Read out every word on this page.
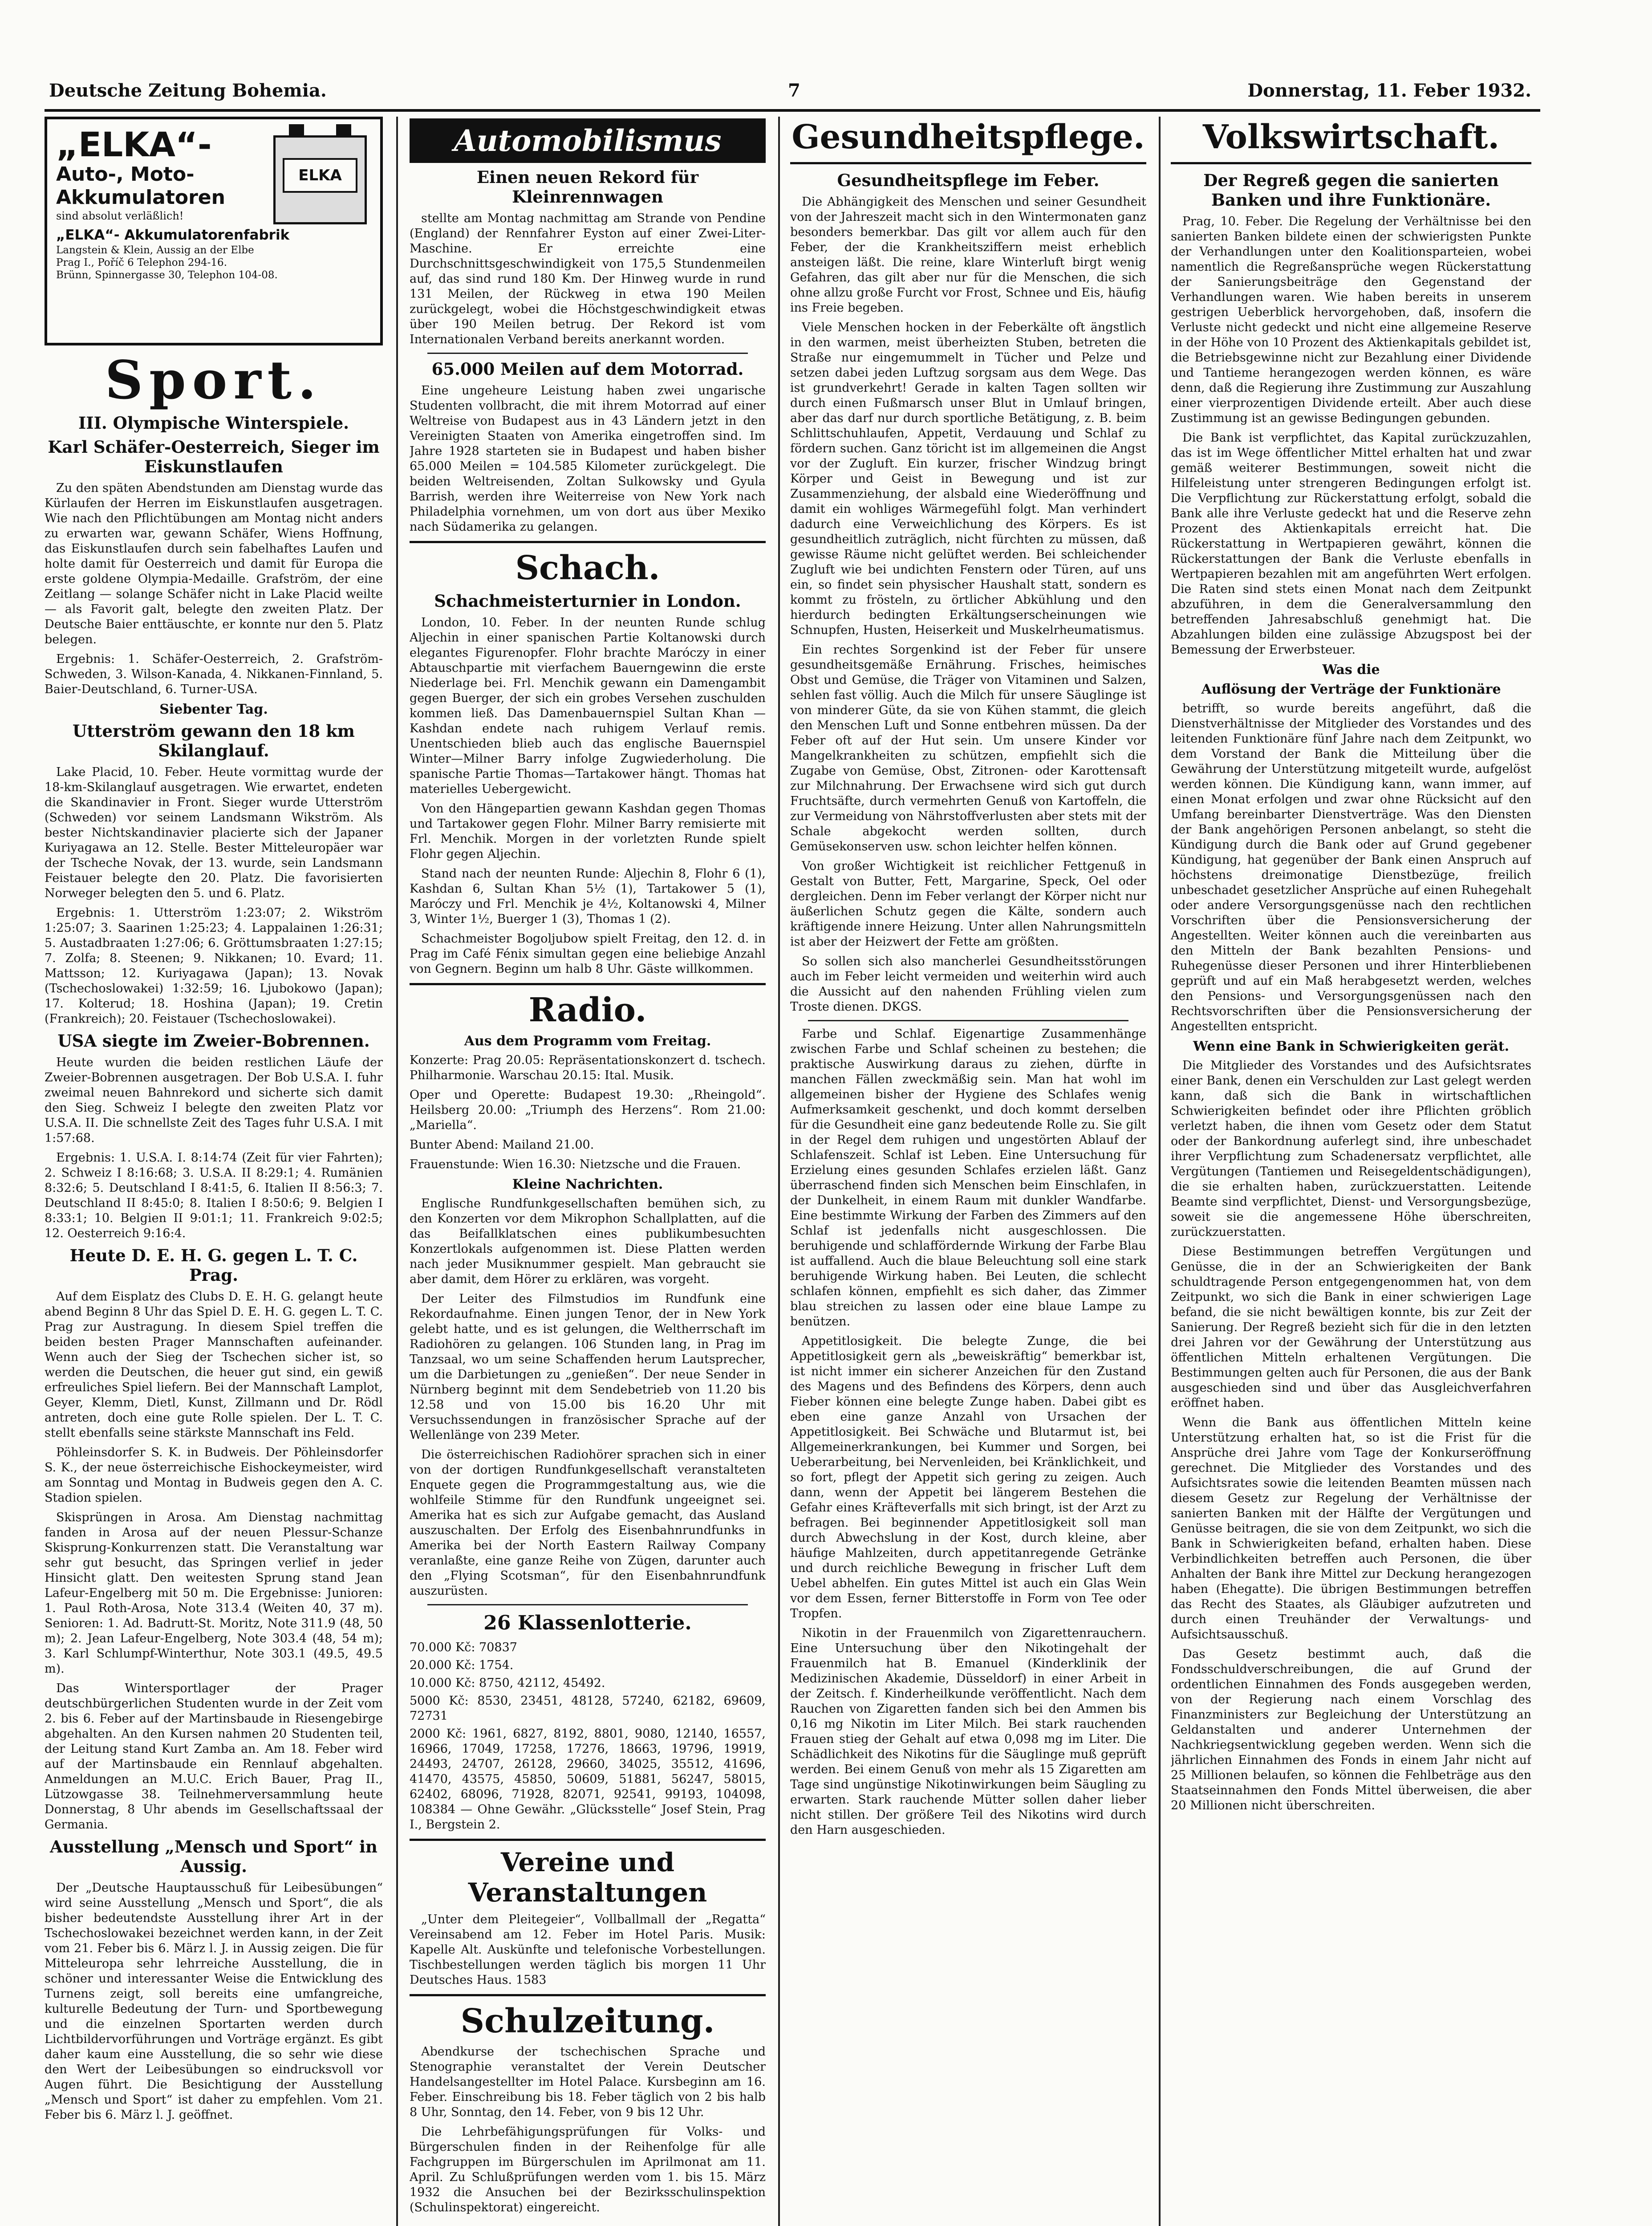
Deutsche Zeitung Bohemia.	7	Donnerstag, 11. Feber 1932.
„ELKA“-
Auto-, Moto-
Akkumulatoren
sind absolut verläßlich!
„ELKA“- Akkumulatorenfabrik
Langstein & Klein, Aussig an der Elbe
Prag I., Poříč 6 Telephon 294-16.
Brünn, Spinnergasse 30, Telephon 104-08.
ELKA
Sport.
III. Olympische Winterspiele.
Karl Schäfer-Oesterreich, Sieger im Eiskunstlaufen

Zu den späten Abendstunden am Dienstag wurde das Kürlaufen der Herren im Eiskunstlaufen ausgetragen. Wie nach den Pflichtübungen am Montag nicht anders zu erwarten war, gewann Schäfer, Wiens Hoffnung, das Eiskunstlaufen durch sein fabelhaftes Laufen und holte damit für Oesterreich und damit für Europa die erste goldene Olympia-Medaille. Grafström, der eine Zeitlang — solange Schäfer nicht in Lake Placid weilte — als Favorit galt, belegte den zweiten Platz. Der Deutsche Baier enttäuschte, er konnte nur den 5. Platz belegen.

Ergebnis: 1. Schäfer-Oesterreich, 2. Grafström-Schweden, 3. Wilson-Kanada, 4. Nikkanen-Finnland, 5. Baier-Deutschland, 6. Turner-USA.

Siebenter Tag.
Utterström gewann den 18 km Skilanglauf.

Lake Placid, 10. Feber. Heute vormittag wurde der 18-km-Skilanglauf ausgetragen. Wie erwartet, endeten die Skandinavier in Front. Sieger wurde Utterström (Schweden) vor seinem Landsmann Wikström. Als bester Nichtskandinavier placierte sich der Japaner Kuriyagawa an 12. Stelle. Bester Mitteleuropäer war der Tscheche Novak, der 13. wurde, sein Landsmann Feistauer belegte den 20. Platz. Die favorisierten Norweger belegten den 5. und 6. Platz.

Ergebnis: 1. Utterström 1:23:07; 2. Wikström 1:25:07; 3. Saarinen 1:25:23; 4. Lappalainen 1:26:31; 5. Austadbraaten 1:27:06; 6. Gröttumsbraaten 1:27:15; 7. Zolfa; 8. Steenen; 9. Nikkanen; 10. Evard; 11. Mattsson; 12. Kuriyagawa (Japan); 13. Novak (Tschechoslowakei) 1:32:59; 16. Ljubokowo (Japan); 17. Kolterud; 18. Hoshina (Japan); 19. Cretin (Frankreich); 20. Feistauer (Tschechoslowakei).

USA siegte im Zweier-Bobrennen.

Heute wurden die beiden restlichen Läufe der Zweier-Bobrennen ausgetragen. Der Bob U.S.A. I. fuhr zweimal neuen Bahnrekord und sicherte sich damit den Sieg. Schweiz I belegte den zweiten Platz vor U.S.A. II. Die schnellste Zeit des Tages fuhr U.S.A. I mit 1:57:68.

Ergebnis: 1. U.S.A. I. 8:14:74 (Zeit für vier Fahrten); 2. Schweiz I 8:16:68; 3. U.S.A. II 8:29:1; 4. Rumänien 8:32:6; 5. Deutschland I 8:41:5, 6. Italien II 8:56:3; 7. Deutschland II 8:45:0; 8. Italien I 8:50:6; 9. Belgien I 8:33:1; 10. Belgien II 9:01:1; 11. Frankreich 9:02:5; 12. Oesterreich 9:16:4.

Heute D. E. H. G. gegen L. T. C. Prag.

Auf dem Eisplatz des Clubs D. E. H. G. gelangt heute abend Beginn 8 Uhr das Spiel D. E. H. G. gegen L. T. C. Prag zur Austragung. In diesem Spiel treffen die beiden besten Prager Mannschaften aufeinander. Wenn auch der Sieg der Tschechen sicher ist, so werden die Deutschen, die heuer gut sind, ein gewiß erfreuliches Spiel liefern. Bei der Mannschaft Lamplot, Geyer, Klemm, Dietl, Kunst, Zillmann und Dr. Rödl antreten, doch eine gute Rolle spielen. Der L. T. C. stellt ebenfalls seine stärkste Mannschaft ins Feld.

Pöhleinsdorfer S. K. in Budweis. Der Pöhleinsdorfer S. K., der neue österreichische Eishockeymeister, wird am Sonntag und Montag in Budweis gegen den A. C. Stadion spielen.

Skisprüngen in Arosa. Am Dienstag nachmittag fanden in Arosa auf der neuen Plessur-Schanze Skisprung-Konkurrenzen statt. Die Veranstaltung war sehr gut besucht, das Springen verlief in jeder Hinsicht glatt. Den weitesten Sprung stand Jean Lafeur-Engelberg mit 50 m. Die Ergebnisse: Junioren: 1. Paul Roth-Arosa, Note 313.4 (Weiten 40, 37 m). Senioren: 1. Ad. Badrutt-St. Moritz, Note 311.9 (48, 50 m); 2. Jean Lafeur-Engelberg, Note 303.4 (48, 54 m); 3. Karl Schlumpf-Winterthur, Note 303.1 (49.5, 49.5 m).

Das Wintersportlager der Prager deutschbürgerlichen Studenten wurde in der Zeit vom 2. bis 6. Feber auf der Martinsbaude in Riesengebirge abgehalten. An den Kursen nahmen 20 Studenten teil, der Leitung stand Kurt Zamba an. Am 18. Feber wird auf der Martinsbaude ein Rennlauf abgehalten. Anmeldungen an M.U.C. Erich Bauer, Prag II., Lützowgasse 38. Teilnehmerversammlung heute Donnerstag, 8 Uhr abends im Gesellschaftssaal der Germania.

Ausstellung „Mensch und Sport“ in Aussig.

Der „Deutsche Hauptausschuß für Leibesübungen“ wird seine Ausstellung „Mensch und Sport“, die als bisher bedeutendste Ausstellung ihrer Art in der Tschechoslowakei bezeichnet werden kann, in der Zeit vom 21. Feber bis 6. März l. J. in Aussig zeigen. Die für Mitteleuropa sehr lehrreiche Ausstellung, die in schöner und interessanter Weise die Entwicklung des Turnens zeigt, soll bereits eine umfangreiche, kulturelle Bedeutung der Turn- und Sportbewegung und die einzelnen Sportarten werden durch Lichtbildervorführungen und Vorträge ergänzt. Es gibt daher kaum eine Ausstellung, die so sehr wie diese den Wert der Leibesübungen so eindrucksvoll vor Augen führt. Die Besichtigung der Ausstellung „Mensch und Sport“ ist daher zu empfehlen. Vom 21. Feber bis 6. März l. J. geöffnet.

Automobilismus
Einen neuen Rekord für Kleinrennwagen

stellte am Montag nachmittag am Strande von Pendine (England) der Rennfahrer Eyston auf einer Zwei-Liter-Maschine. Er erreichte eine Durchschnittsgeschwindigkeit von 175,5 Stundenmeilen auf, das sind rund 180 Km. Der Hinweg wurde in rund 131 Meilen, der Rückweg in etwa 190 Meilen zurückgelegt, wobei die Höchstgeschwindigkeit etwas über 190 Meilen betrug. Der Rekord ist vom Internationalen Verband bereits anerkannt worden.

65.000 Meilen auf dem Motorrad.

Eine ungeheure Leistung haben zwei ungarische Studenten vollbracht, die mit ihrem Motorrad auf einer Weltreise von Budapest aus in 43 Ländern jetzt in den Vereinigten Staaten von Amerika eingetroffen sind. Im Jahre 1928 starteten sie in Budapest und haben bisher 65.000 Meilen = 104.585 Kilometer zurückgelegt. Die beiden Weltreisenden, Zoltan Sulkowsky und Gyula Barrish, werden ihre Weiterreise von New York nach Philadelphia vornehmen, um von dort aus über Mexiko nach Südamerika zu gelangen.

Schach.
Schachmeisterturnier in London.

London, 10. Feber. In der neunten Runde schlug Aljechin in einer spanischen Partie Koltanowski durch elegantes Figurenopfer. Flohr brachte Maróczy in einer Abtauschpartie mit vierfachem Bauerngewinn die erste Niederlage bei. Frl. Menchik gewann ein Damengambit gegen Buerger, der sich ein grobes Versehen zuschulden kommen ließ. Das Damenbauernspiel Sultan Khan — Kashdan endete nach ruhigem Verlauf remis. Unentschieden blieb auch das englische Bauernspiel Winter—Milner Barry infolge Zugwiederholung. Die spanische Partie Thomas—Tartakower hängt. Thomas hat materielles Uebergewicht.

Von den Hängepartien gewann Kashdan gegen Thomas und Tartakower gegen Flohr. Milner Barry remisierte mit Frl. Menchik. Morgen in der vorletzten Runde spielt Flohr gegen Aljechin.

Stand nach der neunten Runde: Aljechin 8, Flohr 6 (1), Kashdan 6, Sultan Khan 5½ (1), Tartakower 5 (1), Maróczy und Frl. Menchik je 4½, Koltanowski 4, Milner 3, Winter 1½, Buerger 1 (3), Thomas 1 (2).

Schachmeister Bogoljubow spielt Freitag, den 12. d. in Prag im Café Fénix simultan gegen eine beliebige Anzahl von Gegnern. Beginn um halb 8 Uhr. Gäste willkommen.

Radio.
Aus dem Programm vom Freitag.

Konzerte: Prag 20.05: Repräsentationskonzert d. tschech. Philharmonie. Warschau 20.15: Ital. Musik.

Oper und Operette: Budapest 19.30: „Rheingold“. Heilsberg 20.00: „Triumph des Herzens“. Rom 21.00: „Mariella“.

Bunter Abend: Mailand 21.00.

Frauenstunde: Wien 16.30: Nietzsche und die Frauen.

Kleine Nachrichten.

Englische Rundfunkgesellschaften bemühen sich, zu den Konzerten vor dem Mikrophon Schallplatten, auf die das Beifallklatschen eines publikumbesuchten Konzertlokals aufgenommen ist. Diese Platten werden nach jeder Musiknummer gespielt. Man gebraucht sie aber damit, dem Hörer zu erklären, was vorgeht.

Der Leiter des Filmstudios im Rundfunk eine Rekordaufnahme. Einen jungen Tenor, der in New York gelebt hatte, und es ist gelungen, die Weltherrschaft im Radiohören zu gelangen. 106 Stunden lang, in Prag im Tanzsaal, wo um seine Schaffenden herum Lautsprecher, um die Darbietungen zu „genießen“. Der neue Sender in Nürnberg beginnt mit dem Sendebetrieb von 11.20 bis 12.58 und von 15.00 bis 16.20 Uhr mit Versuchssendungen in französischer Sprache auf der Wellenlänge von 239 Meter.

Die österreichischen Radiohörer sprachen sich in einer von der dortigen Rundfunkgesellschaft veranstalteten Enquete gegen die Programmgestaltung aus, wie die wohlfeile Stimme für den Rundfunk ungeeignet sei. Amerika hat es sich zur Aufgabe gemacht, das Ausland auszuschalten. Der Erfolg des Eisenbahnrundfunks in Amerika bei der North Eastern Railway Company veranlaßte, eine ganze Reihe von Zügen, darunter auch den „Flying Scotsman“, für den Eisenbahnrundfunk auszurüsten.

26 Klassenlotterie.

70.000 Kč: 70837

20.000 Kč: 1754.

10.000 Kč: 8750, 42112, 45492.

5000 Kč: 8530, 23451, 48128, 57240, 62182, 69609, 72731

2000 Kč: 1961, 6827, 8192, 8801, 9080, 12140, 16557, 16966, 17049, 17258, 17276, 18663, 19796, 19919, 24493, 24707, 26128, 29660, 34025, 35512, 41696, 41470, 43575, 45850, 50609, 51881, 56247, 58015, 62402, 68096, 71928, 82071, 92541, 99193, 104098, 108384 — Ohne Gewähr. „Glücksstelle“ Josef Stein, Prag I., Bergstein 2.

Vereine und Veranstaltungen

„Unter dem Pleitegeier“, Vollballmall der „Regatta“ Vereinsabend am 12. Feber im Hotel Paris. Musik: Kapelle Alt. Auskünfte und telefonische Vorbestellungen. Tischbestellungen werden täglich bis morgen 11 Uhr Deutsches Haus. 1583

Schulzeitung.

Abendkurse der tschechischen Sprache und Stenographie veranstaltet der Verein Deutscher Handelsangestellter im Hotel Palace. Kursbeginn am 16. Feber. Einschreibung bis 18. Feber täglich von 2 bis halb 8 Uhr, Sonntag, den 14. Feber, von 9 bis 12 Uhr.

Die Lehrbefähigungsprüfungen für Volks- und Bürgerschulen finden in der Reihenfolge für alle Fachgruppen im Bürgerschulen im Aprilmonat am 11. April. Zu Schlußprüfungen werden vom 1. bis 15. März 1932 die Ansuchen bei der Bezirksschulinspektion (Schulinspektorat) eingereicht.

Gesundheitspflege.
Gesundheitspflege im Feber.

Die Abhängigkeit des Menschen und seiner Gesundheit von der Jahreszeit macht sich in den Wintermonaten ganz besonders bemerkbar. Das gilt vor allem auch für den Feber, der die Krankheitsziffern meist erheblich ansteigen läßt. Die reine, klare Winterluft birgt wenig Gefahren, das gilt aber nur für die Menschen, die sich ohne allzu große Furcht vor Frost, Schnee und Eis, häufig ins Freie begeben.

Viele Menschen hocken in der Feberkälte oft ängstlich in den warmen, meist überheizten Stuben, betreten die Straße nur eingemummelt in Tücher und Pelze und setzen dabei jeden Luftzug sorgsam aus dem Wege. Das ist grundverkehrt! Gerade in kalten Tagen sollten wir durch einen Fußmarsch unser Blut in Umlauf bringen, aber das darf nur durch sportliche Betätigung, z. B. beim Schlittschuhlaufen, Appetit, Verdauung und Schlaf zu fördern suchen. Ganz töricht ist im allgemeinen die Angst vor der Zugluft. Ein kurzer, frischer Windzug bringt Körper und Geist in Bewegung und ist zur Zusammenziehung, der alsbald eine Wiederöffnung und damit ein wohliges Wärmegefühl folgt. Man verhindert dadurch eine Verweichlichung des Körpers. Es ist gesundheitlich zuträglich, nicht fürchten zu müssen, daß gewisse Räume nicht gelüftet werden. Bei schleichender Zugluft wie bei undichten Fenstern oder Türen, auf uns ein, so findet sein physischer Haushalt statt, sondern es kommt zu frösteln, zu örtlicher Abkühlung und den hierdurch bedingten Erkältungserscheinungen wie Schnupfen, Husten, Heiserkeit und Muskelrheumatismus.

Ein rechtes Sorgenkind ist der Feber für unsere gesundheitsgemäße Ernährung. Frisches, heimisches Obst und Gemüse, die Träger von Vitaminen und Salzen, sehlen fast völlig. Auch die Milch für unsere Säuglinge ist von minderer Güte, da sie von Kühen stammt, die gleich den Menschen Luft und Sonne entbehren müssen. Da der Feber oft auf der Hut sein. Um unsere Kinder vor Mangelkrankheiten zu schützen, empfiehlt sich die Zugabe von Gemüse, Obst, Zitronen- oder Karottensaft zur Milchnahrung. Der Erwachsene wird sich gut durch Fruchtsäfte, durch vermehrten Genuß von Kartoffeln, die zur Vermeidung von Nährstoffverlusten aber stets mit der Schale abgekocht werden sollten, durch Gemüsekonserven usw. schon leichter helfen können.

Von großer Wichtigkeit ist reichlicher Fettgenuß in Gestalt von Butter, Fett, Margarine, Speck, Oel oder dergleichen. Denn im Feber verlangt der Körper nicht nur äußerlichen Schutz gegen die Kälte, sondern auch kräftigende innere Heizung. Unter allen Nahrungsmitteln ist aber der Heizwert der Fette am größten.

So sollen sich also mancherlei Gesundheitsstörungen auch im Feber leicht vermeiden und weiterhin wird auch die Aussicht auf den nahenden Frühling vielen zum Troste dienen. DKGS.

Farbe und Schlaf. Eigenartige Zusammenhänge zwischen Farbe und Schlaf scheinen zu bestehen; die praktische Auswirkung daraus zu ziehen, dürfte in manchen Fällen zweckmäßig sein. Man hat wohl im allgemeinen bisher der Hygiene des Schlafes wenig Aufmerksamkeit geschenkt, und doch kommt derselben für die Gesundheit eine ganz bedeutende Rolle zu. Sie gilt in der Regel dem ruhigen und ungestörten Ablauf der Schlafenszeit. Schlaf ist Leben. Eine Untersuchung für Erzielung eines gesunden Schlafes erzielen läßt. Ganz überraschend finden sich Menschen beim Einschlafen, in der Dunkelheit, in einem Raum mit dunkler Wandfarbe. Eine bestimmte Wirkung der Farben des Zimmers auf den Schlaf ist jedenfalls nicht ausgeschlossen. Die beruhigende und schlaffördernde Wirkung der Farbe Blau ist auffallend. Auch die blaue Beleuchtung soll eine stark beruhigende Wirkung haben. Bei Leuten, die schlecht schlafen können, empfiehlt es sich daher, das Zimmer blau streichen zu lassen oder eine blaue Lampe zu benützen.

Appetitlosigkeit. Die belegte Zunge, die bei Appetitlosigkeit gern als „beweiskräftig“ bemerkbar ist, ist nicht immer ein sicherer Anzeichen für den Zustand des Magens und des Befindens des Körpers, denn auch Fieber können eine belegte Zunge haben. Dabei gibt es eben eine ganze Anzahl von Ursachen der Appetitlosigkeit. Bei Schwäche und Blutarmut ist, bei Allgemeinerkrankungen, bei Kummer und Sorgen, bei Ueberarbeitung, bei Nervenleiden, bei Kränklichkeit, und so fort, pflegt der Appetit sich gering zu zeigen. Auch dann, wenn der Appetit bei längerem Bestehen die Gefahr eines Kräfteverfalls mit sich bringt, ist der Arzt zu befragen. Bei beginnender Appetitlosigkeit soll man durch Abwechslung in der Kost, durch kleine, aber häufige Mahlzeiten, durch appetitanregende Getränke und durch reichliche Bewegung in frischer Luft dem Uebel abhelfen. Ein gutes Mittel ist auch ein Glas Wein vor dem Essen, ferner Bitterstoffe in Form von Tee oder Tropfen.

Nikotin in der Frauenmilch von Zigarettenrauchern. Eine Untersuchung über den Nikotingehalt der Frauenmilch hat B. Emanuel (Kinderklinik der Medizinischen Akademie, Düsseldorf) in einer Arbeit in der Zeitsch. f. Kinderheilkunde veröffentlicht. Nach dem Rauchen von Zigaretten fanden sich bei den Ammen bis 0,16 mg Nikotin im Liter Milch. Bei stark rauchenden Frauen stieg der Gehalt auf etwa 0,098 mg im Liter. Die Schädlichkeit des Nikotins für die Säuglinge muß geprüft werden. Bei einem Genuß von mehr als 15 Zigaretten am Tage sind ungünstige Nikotinwirkungen beim Säugling zu erwarten. Stark rauchende Mütter sollen daher lieber nicht stillen. Der größere Teil des Nikotins wird durch den Harn ausgeschieden.

Volkswirtschaft.
Der Regreß gegen die sanierten Banken und ihre Funktionäre.

Prag, 10. Feber. Die Regelung der Verhältnisse bei den sanierten Banken bildete einen der schwierigsten Punkte der Verhandlungen unter den Koalitionsparteien, wobei namentlich die Regreßansprüche wegen Rückerstattung der Sanierungsbeiträge den Gegenstand der Verhandlungen waren. Wie haben bereits in unserem gestrigen Ueberblick hervorgehoben, daß, insofern die Verluste nicht gedeckt und nicht eine allgemeine Reserve in der Höhe von 10 Prozent des Aktienkapitals gebildet ist, die Betriebsgewinne nicht zur Bezahlung einer Dividende und Tantieme herangezogen werden können, es wäre denn, daß die Regierung ihre Zustimmung zur Auszahlung einer vierprozentigen Dividende erteilt. Aber auch diese Zustimmung ist an gewisse Bedingungen gebunden.

Die Bank ist verpflichtet, das Kapital zurückzuzahlen, das ist im Wege öffentlicher Mittel erhalten hat und zwar gemäß weiterer Bestimmungen, soweit nicht die Hilfeleistung unter strengeren Bedingungen erfolgt ist. Die Verpflichtung zur Rückerstattung erfolgt, sobald die Bank alle ihre Verluste gedeckt hat und die Reserve zehn Prozent des Aktienkapitals erreicht hat. Die Rückerstattung in Wertpapieren gewährt, können die Rückerstattungen der Bank die Verluste ebenfalls in Wertpapieren bezahlen mit am angeführten Wert erfolgen. Die Raten sind stets einen Monat nach dem Zeitpunkt abzuführen, in dem die Generalversammlung den betreffenden Jahresabschluß genehmigt hat. Die Abzahlungen bilden eine zulässige Abzugspost bei der Bemessung der Erwerbsteuer.

Was die
Auflösung der Verträge der Funktionäre

betrifft, so wurde bereits angeführt, daß die Dienstverhältnisse der Mitglieder des Vorstandes und des leitenden Funktionäre fünf Jahre nach dem Zeitpunkt, wo dem Vorstand der Bank die Mitteilung über die Gewährung der Unterstützung mitgeteilt wurde, aufgelöst werden können. Die Kündigung kann, wann immer, auf einen Monat erfolgen und zwar ohne Rücksicht auf den Umfang bereinbarter Dienstverträge. Was den Diensten der Bank angehörigen Personen anbelangt, so steht die Kündigung durch die Bank oder auf Grund gegebener Kündigung, hat gegenüber der Bank einen Anspruch auf höchstens dreimonatige Dienstbezüge, freilich unbeschadet gesetzlicher Ansprüche auf einen Ruhegehalt oder andere Versorgungsgenüsse nach den rechtlichen Vorschriften über die Pensionsversicherung der Angestellten. Weiter können auch die vereinbarten aus den Mitteln der Bank bezahlten Pensions- und Ruhegenüsse dieser Personen und ihrer Hinterbliebenen geprüft und auf ein Maß herabgesetzt werden, welches den Pensions- und Versorgungsgenüssen nach den Rechtsvorschriften über die Pensionsversicherung der Angestellten entspricht.

Wenn eine Bank in Schwierigkeiten gerät.

Die Mitglieder des Vorstandes und des Aufsichtsrates einer Bank, denen ein Verschulden zur Last gelegt werden kann, daß sich die Bank in wirtschaftlichen Schwierigkeiten befindet oder ihre Pflichten gröblich verletzt haben, die ihnen vom Gesetz oder dem Statut oder der Bankordnung auferlegt sind, ihre unbeschadet ihrer Verpflichtung zum Schadenersatz verpflichtet, alle Vergütungen (Tantiemen und Reisegeldentschädigungen), die sie erhalten haben, zurückzuerstatten. Leitende Beamte sind verpflichtet, Dienst- und Versorgungsbezüge, soweit sie die angemessene Höhe überschreiten, zurückzuerstatten.

Diese Bestimmungen betreffen Vergütungen und Genüsse, die in der an Schwierigkeiten der Bank schuldtragende Person entgegengenommen hat, von dem Zeitpunkt, wo sich die Bank in einer schwierigen Lage befand, die sie nicht bewältigen konnte, bis zur Zeit der Sanierung. Der Regreß bezieht sich für die in den letzten drei Jahren vor der Gewährung der Unterstützung aus öffentlichen Mitteln erhaltenen Vergütungen. Die Bestimmungen gelten auch für Personen, die aus der Bank ausgeschieden sind und über das Ausgleichverfahren eröffnet haben.

Wenn die Bank aus öffentlichen Mitteln keine Unterstützung erhalten hat, so ist die Frist für die Ansprüche drei Jahre vom Tage der Konkurseröffnung gerechnet. Die Mitglieder des Vorstandes und des Aufsichtsrates sowie die leitenden Beamten müssen nach diesem Gesetz zur Regelung der Verhältnisse der sanierten Banken mit der Hälfte der Vergütungen und Genüsse beitragen, die sie von dem Zeitpunkt, wo sich die Bank in Schwierigkeiten befand, erhalten haben. Diese Verbindlichkeiten betreffen auch Personen, die über Anhalten der Bank ihre Mittel zur Deckung herangezogen haben (Ehegatte). Die übrigen Bestimmungen betreffen das Recht des Staates, als Gläubiger aufzutreten und durch einen Treuhänder der Verwaltungs- und Aufsichtsausschuß.

Das Gesetz bestimmt auch, daß die Fondsschuldverschreibungen, die auf Grund der ordentlichen Einnahmen des Fonds ausgegeben werden, von der Regierung nach einem Vorschlag des Finanzministers zur Begleichung der Unterstützung an Geldanstalten und anderer Unternehmen der Nachkriegsentwicklung gegeben werden. Wenn sich die jährlichen Einnahmen des Fonds in einem Jahr nicht auf 25 Millionen belaufen, so können die Fehlbeträge aus den Staatseinnahmen den Fonds Mittel überweisen, die aber 20 Millionen nicht überschreiten.
